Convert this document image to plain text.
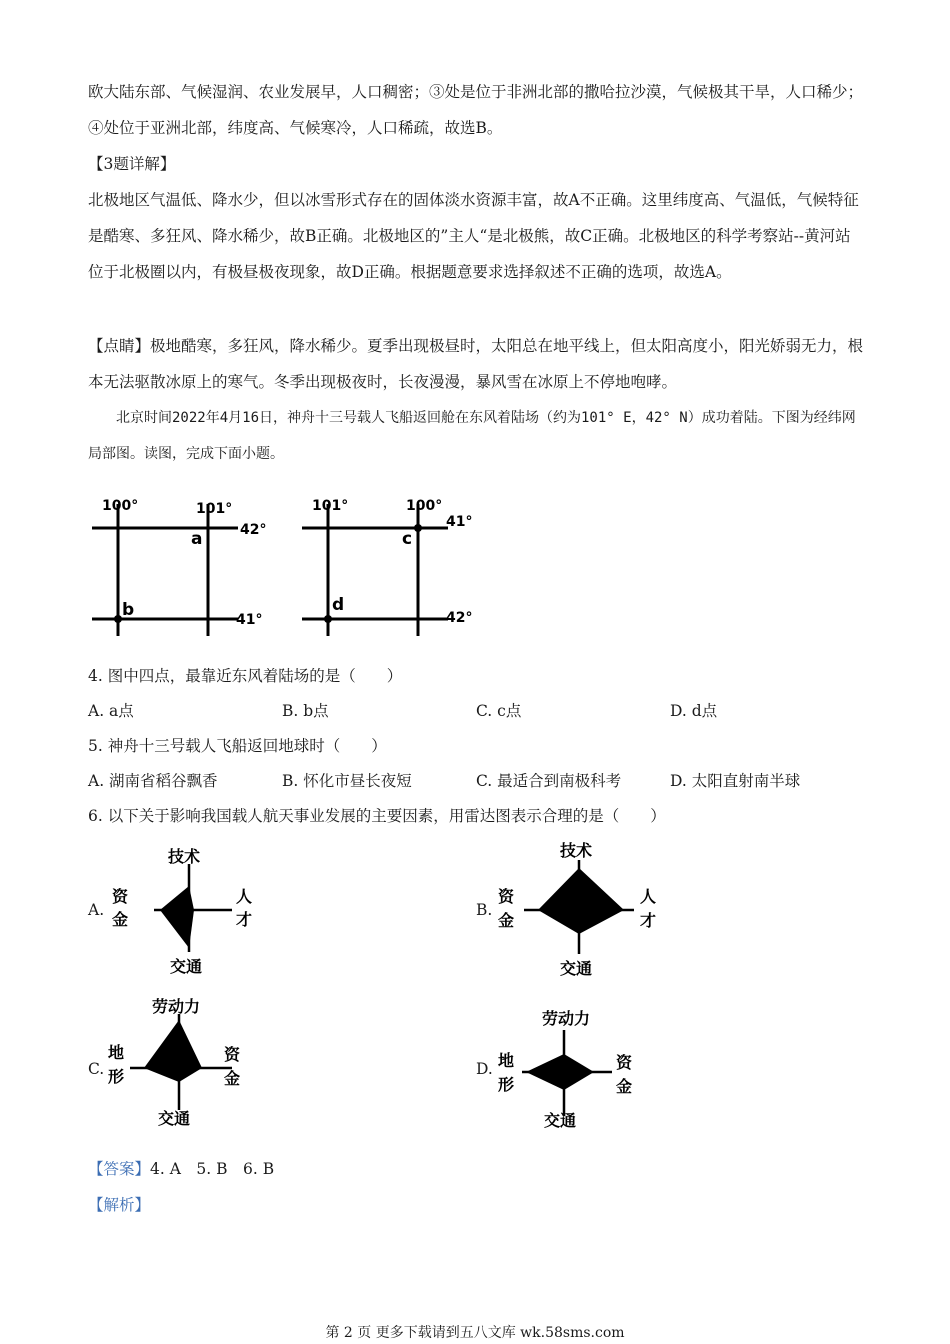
欧大陆东部、气候湿润、农业发展早，人口稠密；③处是位于非洲北部的撒哈拉沙漠，气候极其干旱，人口稀少；④处位于亚洲北部，纬度高、气候寒冷，人口稀疏，故选B。

【3题详解】

北极地区气温低、降水少，但以冰雪形式存在的固体淡水资源丰富，故A不正确。这里纬度高、气温低，气候特征是酷寒、多狂风、降水稀少，故B正确。北极地区的”主人“是北极熊，故C正确。北极地区的科学考察站--黄河站位于北极圈以内，有极昼极夜现象，故D正确。根据题意要求选择叙述不正确的选项，故选A。

【点睛】极地酷寒，多狂风，降水稀少。夏季出现极昼时，太阳总在地平线上，但太阳高度小，阳光娇弱无力，根本无法驱散冰原上的寒气。冬季出现极夜时，长夜漫漫，暴风雪在冰原上不停地咆哮。

北京时间2022年4月16日，神舟十三号载人飞船返回舱在东风着陆场（约为101° E，42° N）成功着陆。下图为经纬网局部图。读图，完成下面小题。

100°	101°
42°
41°
a
b
101°	100°
41°
42°
c
d
4. 图中四点，最靠近东风着陆场的是（　　）
A. a点	B. b点	C. c点	D. d点
5. 神舟十三号载人飞船返回地球时（　　）
A. 湖南省稻谷飘香	B. 怀化市昼长夜短	C. 最适合到南极科考	D. 太阳直射南半球
6. 以下关于影响我国载人航天事业发展的主要因素，用雷达图表示合理的是（　　）
A.
技术
资
金
人
才
交通
B.
技术
资
金
人
才
交通
C.
劳动力
地
形
资
金
交通
D.
劳动力
地
形
资
金
交通
【答案】 4. A　5. B　6. B
【解析】
第 2 页 更多下载请到五八文库 wk.58sms.com
